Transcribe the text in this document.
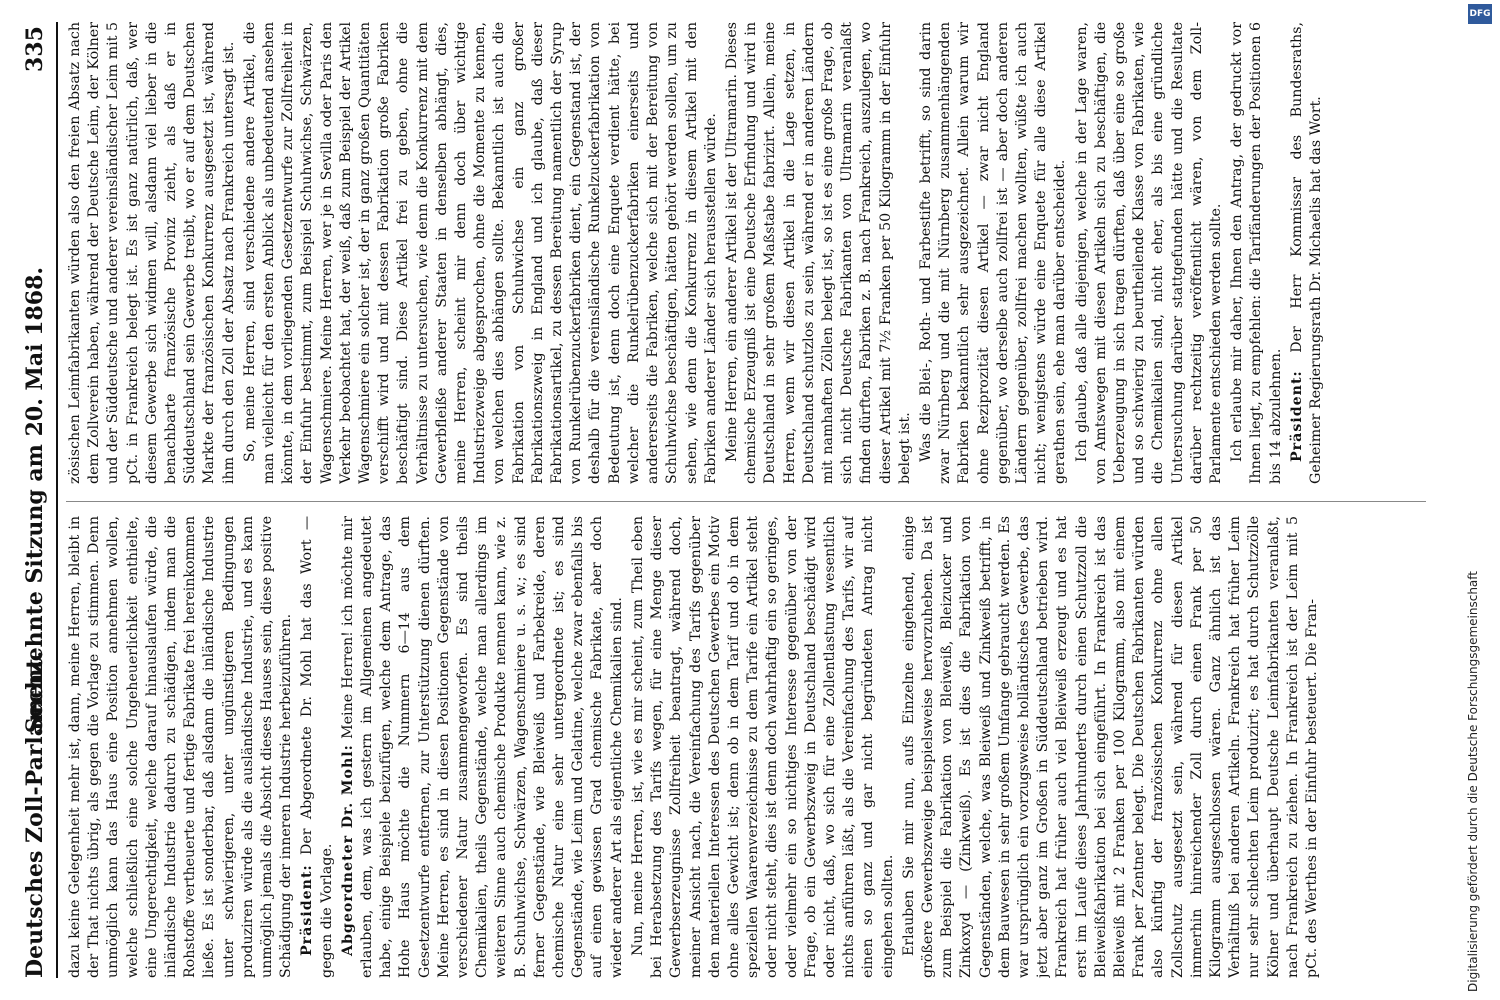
Deutsches Zoll-Parlament.
Sechzehnte Sitzung am 20. Mai 1868.
335

dazu keine Gelegenheit mehr ist, dann, meine Herren, bleibt in der That nichts übrig, als gegen die Vorlage zu stimmen. Denn unmöglich kann das Haus eine Position annehmen wollen, welche schließlich eine solche Ungeheuerlichkeit enthielte, eine Ungerechtigkeit, welche darauf hinauslaufen würde, die inländische Industrie dadurch zu schädigen, indem man die Rohstoffe vertheuerte und fertige Fabrikate frei hereinkommen ließe. Es ist sonderbar, daß alsdann die inländische Industrie unter schwierigeren, unter ungünstigeren Bedingungen produziren würde als die ausländische Industrie, und es kann unmöglich jemals die Absicht dieses Hauses sein, diese positive Schädigung der inneren Industrie herbeizuführen. Präsident: Der Abgeordnete Dr. Mohl hat das Wort — gegen die Vorlage. Abgeordneter Dr. Mohl: Meine Herren! ich möchte mir erlauben, dem, was ich gestern im Allgemeinen angedeutet habe, einige Beispiele beizufügen, welche dem Antrage, das Hohe Haus möchte die Nummern 6—14 aus dem Gesetzentwurfe entfernen, zur Unterstützung dienen dürften. Meine Herren, es sind in diesen Positionen Gegenstände von verschiedener Natur zusammengeworfen. Es sind theils Chemikalien, theils Gegenstände, welche man allerdings im weiteren Sinne auch chemische Produkte nennen kann, wie z. B. Schuhwichse, Schwärzen, Wagenschmiere u. s. w.; es sind ferner Gegenstände, wie Bleiweiß und Farbekreide, deren chemische Natur eine sehr untergeordnete ist; es sind Gegenstände, wie Leim und Gelatine, welche zwar ebenfalls bis auf einen gewissen Grad chemische Fabrikate, aber doch wieder anderer Art als eigentliche Chemikalien sind. Nun, meine Herren, ist, wie es mir scheint, zum Theil eben bei Herabsetzung des Tarifs wegen, für eine Menge dieser Gewerbserzeugnisse Zollfreiheit beantragt, während doch, meiner Ansicht nach, die Vereinfachung des Tarifs gegenüber den materiellen Interessen des Deutschen Gewerbes ein Motiv ohne alles Gewicht ist; denn ob in dem Tarif und ob in dem speziellen Waarenverzeichnisse zu dem Tarife ein Artikel steht oder nicht steht, dies ist denn doch wahrhaftig ein so geringes, oder vielmehr ein so nichtiges Interesse gegenüber von der Frage, ob ein Gewerbszweig in Deutschland beschädigt wird oder nicht, daß, wo sich für eine Zollentlastung wesentlich nichts anführen läßt, als die Vereinfachung des Tarifs, wir auf einen so ganz und gar nicht begründeten Antrag nicht eingehen sollten. Erlauben Sie mir nun, aufs Einzelne eingehend, einige größere Gewerbszweige beispielsweise hervorzuheben. Da ist zum Beispiel die Fabrikation von Bleiweiß, Bleizucker und Zinkoxyd — (Zinkweiß). Es ist dies die Fabrikation von Gegenständen, welche, was Bleiweiß und Zinkweiß betrifft, in dem Bauwesen in sehr großem Umfange gebraucht werden. Es war ursprünglich ein vorzugsweise holländisches Gewerbe, das jetzt aber ganz im Großen in Süddeutschland betrieben wird. Frankreich hat früher auch viel Bleiweiß erzeugt und es hat erst im Laufe dieses Jahrhunderts durch einen Schutzzoll die Bleiweißfabrikation bei sich eingeführt. In Frankreich ist das Bleiweiß mit 2 Franken per 100 Kilogramm, also mit einem Frank per Zentner belegt. Die Deutschen Fabrikanten würden also künftig der französischen Konkurrenz ohne allen Zollschutz ausgesetzt sein, während für diesen Artikel immerhin hinreichender Zoll durch einen Frank per 50 Kilogramm ausgeschlossen wären. Ganz ähnlich ist das Verhältniß bei anderen Artikeln. Frankreich hat früher Leim nur sehr schlechten Leim produzirt; es hat durch Schutzzölle Kölner und überhaupt Deutsche Leimfabrikanten veranlaßt, nach Frankreich zu ziehen. In Frankreich ist der Leim mit 5 pCt. des Werthes in der Einfuhr besteuert. Die Fran-

zösischen Leimfabrikanten würden also den freien Absatz nach dem Zollverein haben, während der Deutsche Leim, der Kölner und der Süddeutsche und anderer vereinsländischer Leim mit 5 pCt. in Frankreich belegt ist. Es ist ganz natürlich, daß, wer diesem Gewerbe sich widmen will, alsdann viel lieber in die benachbarte französische Provinz zieht, als daß er in Süddeutschland sein Gewerbe treibt, wo er auf dem Deutschen Markte der französischen Konkurrenz ausgesetzt ist, während ihm durch den Zoll der Absatz nach Frankreich untersagt ist. So, meine Herren, sind verschiedene andere Artikel, die man vielleicht für den ersten Anblick als unbedeutend ansehen könnte, in dem vorliegenden Gesetzentwurfe zur Zollfreiheit in der Einfuhr bestimmt, zum Beispiel Schuhwichse, Schwärzen, Wagenschmiere. Meine Herren, wer je in Sevilla oder Paris den Verkehr beobachtet hat, der weiß, daß zum Beispiel der Artikel Wagenschmiere ein solcher ist, der in ganz großen Quantitäten verschifft wird und mit dessen Fabrikation große Fabriken beschäftigt sind. Diese Artikel frei zu geben, ohne die Verhältnisse zu untersuchen, wie denn die Konkurrenz mit dem Gewerbfleiße anderer Staaten in denselben abhängt, dies, meine Herren, scheint mir denn doch über wichtige Industriezweige abgesprochen, ohne die Momente zu kennen, von welchen dies abhängen sollte. Bekanntlich ist auch die Fabrikation von Schuhwichse ein ganz großer Fabrikationszweig in England und ich glaube, daß dieser Fabrikationsartikel, zu dessen Bereitung namentlich der Syrup von Runkelrübenzuckerfabriken dient, ein Gegenstand ist, der deshalb für die vereinsländische Runkelzuckerfabrikation von Bedeutung ist, denn doch eine Enquete verdient hätte, bei welcher die Runkelrübenzuckerfabriken einerseits und andererseits die Fabriken, welche sich mit der Bereitung von Schuhwichse beschäftigen, hätten gehört werden sollen, um zu sehen, wie denn die Konkurrenz in diesem Artikel mit den Fabriken anderer Länder sich herausstellen würde. Meine Herren, ein anderer Artikel ist der Ultramarin. Dieses chemische Erzeugniß ist eine Deutsche Erfindung und wird in Deutschland in sehr großem Maßstabe fabrizirt. Allein, meine Herren, wenn wir diesen Artikel in die Lage setzen, in Deutschland schutzlos zu sein, während er in anderen Ländern mit namhaften Zöllen belegt ist, so ist es eine große Frage, ob sich nicht Deutsche Fabrikanten von Ultramarin veranlaßt finden dürften, Fabriken z. B. nach Frankreich, auszulegen, wo dieser Artikel mit 7½ Franken per 50 Kilogramm in der Einfuhr belegt ist. Was die Blei-, Roth- und Farbestifte betrifft, so sind darin zwar Nürnberg und die mit Nürnberg zusammenhängenden Fabriken bekanntlich sehr ausgezeichnet. Allein warum wir ohne Reziprozität diesen Artikel — zwar nicht England gegenüber, wo derselbe auch zollfrei ist — aber doch anderen Ländern gegenüber, zollfrei machen wollten, wüßte ich auch nicht; wenigstens würde eine Enquete für alle diese Artikel gerathen sein, ehe man darüber entscheidet. Ich glaube, daß alle diejenigen, welche in der Lage waren, von Amtswegen mit diesen Artikeln sich zu beschäftigen, die Ueberzeugung in sich tragen dürften, daß über eine so große und so schwierig zu beurtheilende Klasse von Fabrikaten, wie die Chemikalien sind, nicht eher, als bis eine gründliche Untersuchung darüber stattgefunden hätte und die Resultate darüber rechtzeitig veröffentlicht wären, von dem Zoll-Parlamente entschieden werden sollte. Ich erlaube mir daher, Ihnen den Antrag, der gedruckt vor Ihnen liegt, zu empfehlen: die Tarifänderungen der Positionen 6 bis 14 abzulehnen. Präsident: Der Herr Kommissar des Bundesraths, Geheimer Regierungsrath Dr. Michaelis hat das Wort.

DFG
Digitalisierung gefördert durch die Deutsche Forschungsgemeinschaft
